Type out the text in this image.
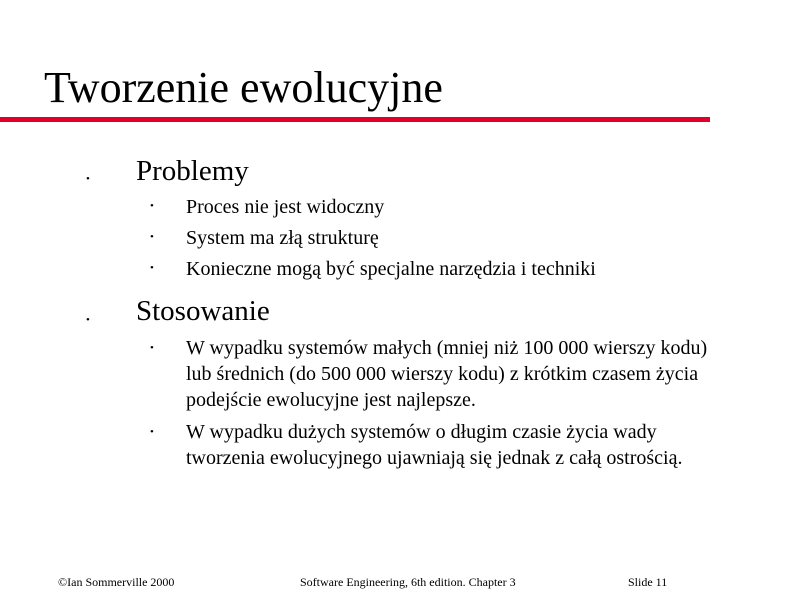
Tworzenie ewolucyjne
• Problemy
• Proces nie jest widoczny
• System ma złą strukturę
• Konieczne mogą być specjalne narzędzia i techniki
• Stosowanie
• W wypadku systemów małych (mniej niż 100 000 wierszy kodu)
lub średnich (do 500 000 wierszy kodu) z krótkim czasem życia
podejście ewolucyjne jest najlepsze.
• W wypadku dużych systemów o długim czasie życia wady
tworzenia ewolucyjnego ujawniają się jednak z całą ostrością.
©Ian Sommerville 2000	Software Engineering, 6th edition. Chapter 3	Slide 11
